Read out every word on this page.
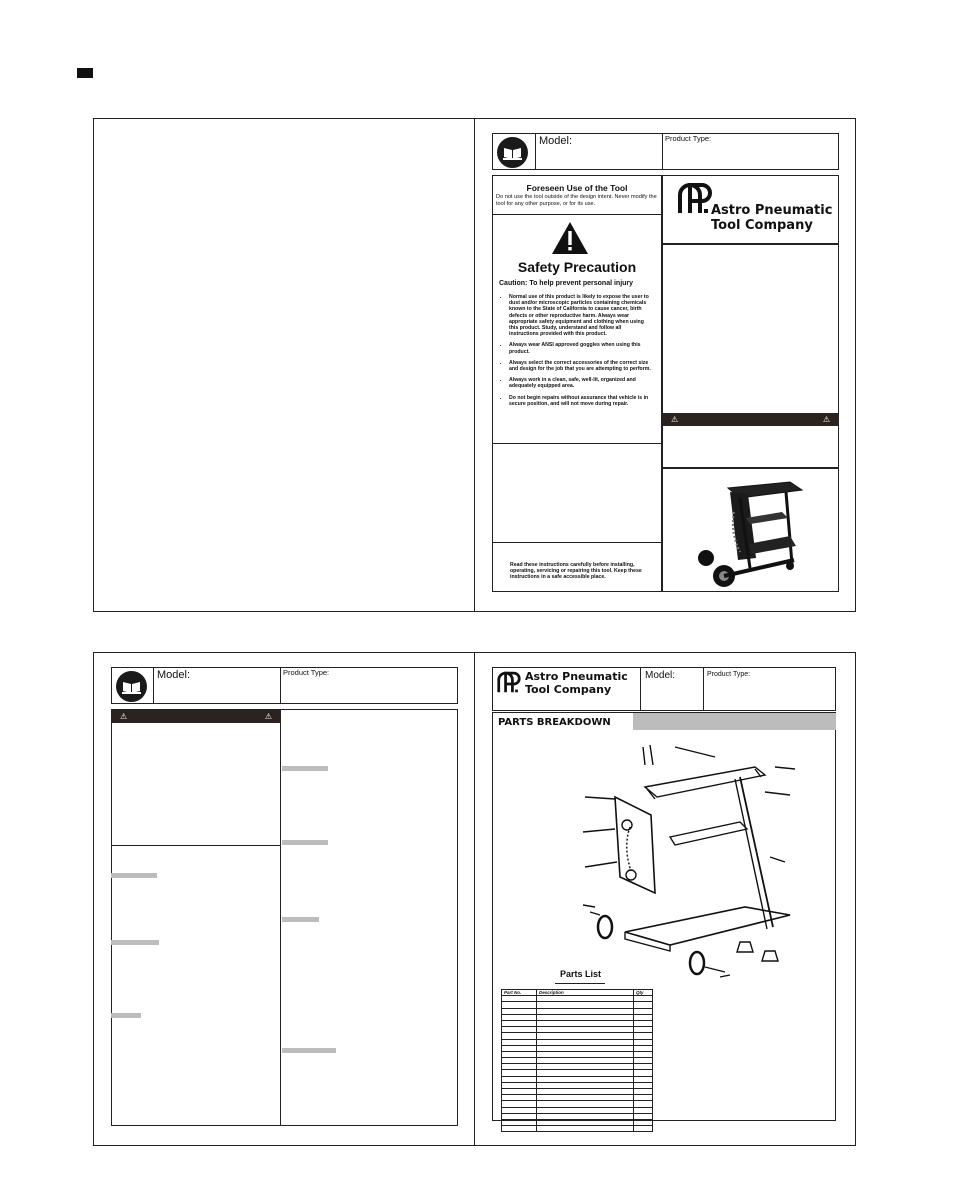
Model:	Product Type:
Foreseen Use of the Tool
Do not use the tool outside of the design intent. Never modify the tool for any other purpose, or for its use.
Safety Precaution
Caution: To help prevent personal injury
• Normal use of this product is likely to expose the user to dust and/or microscopic particles containing chemicals known to the State of California to cause cancer, birth defects or other reproductive harm. Always wear appropriate safety equipment and clothing when using this product. Study, understand and follow all instructions provided with this product.
• Always wear ANSI approved goggles when using this product.
• Always select the correct accessories of the correct size and design for the job that you are attempting to perform.
• Always work in a clean, safe, well-lit, organized and adequately equipped area.
• Do not begin repairs without assurance that vehicle is in secure position, and will not move during repair.
Read these instructions carefully before installing, operating, servicing or repairing this tool. Keep these instructions in a safe accessible place.
Astro Pneumatic
Tool Company
⚠	⚠
Model:	Product Type:
⚠	⚠
Astro Pneumatic
Tool Company
Model:	Product Type:
PARTS BREAKDOWN
Parts List
Part No.	Description	Qty
